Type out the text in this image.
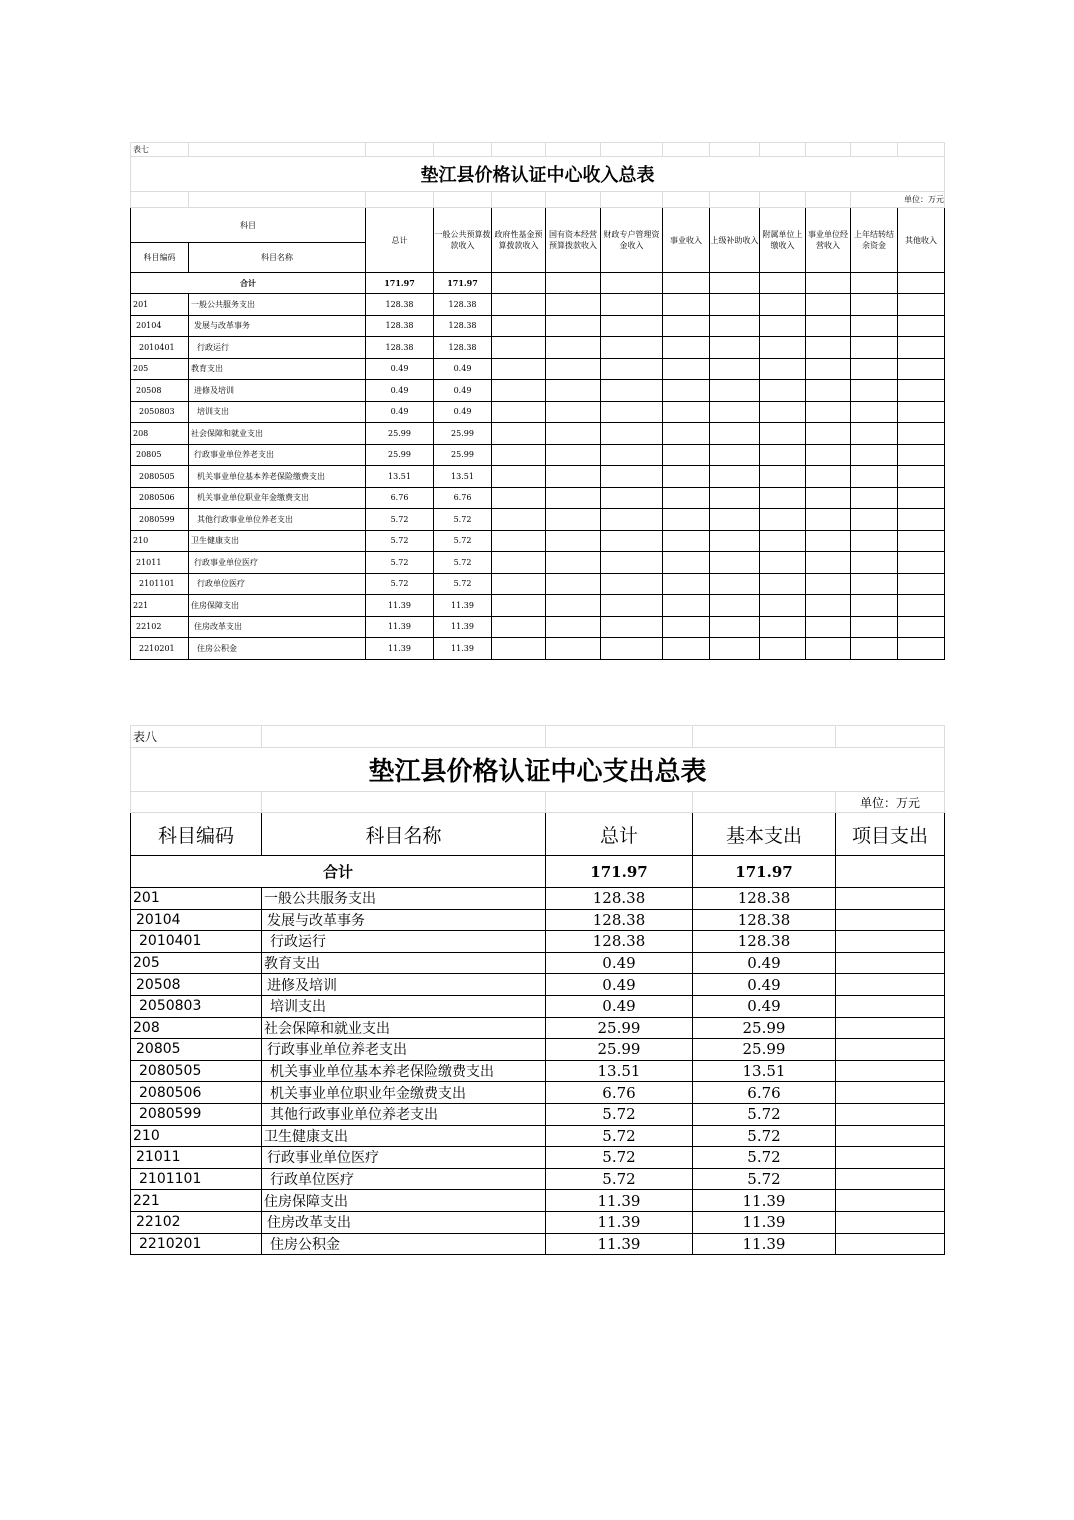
表七												
垫江县价格认证中心收入总表												
											单位：万元	
科目		总计	一般公共预算拨款收入	政府性基金预算拨款收入	国有资本经营预算拨款收入	财政专户管理资金收入	事业收入	上级补助收入	附属单位上缴收入	事业单位经营收入	上年结转结余资金	其他收入
科目编码	科目名称											
合计		171.97	171.97									
201	一般公共服务支出	128.38	128.38									
20104	发展与改革事务	128.38	128.38									
2010401	行政运行	128.38	128.38									
205	教育支出	0.49	0.49									
20508	进修及培训	0.49	0.49									
2050803	培训支出	0.49	0.49									
208	社会保障和就业支出	25.99	25.99									
20805	行政事业单位养老支出	25.99	25.99									
2080505	机关事业单位基本养老保险缴费支出	13.51	13.51									
2080506	机关事业单位职业年金缴费支出	6.76	6.76									
2080599	其他行政事业单位养老支出	5.72	5.72									
210	卫生健康支出	5.72	5.72									
21011	行政事业单位医疗	5.72	5.72									
2101101	行政单位医疗	5.72	5.72									
221	住房保障支出	11.39	11.39									
22102	住房改革支出	11.39	11.39									
2210201	住房公积金	11.39	11.39									
表八				
垫江县价格认证中心支出总表				
				单位：万元
科目编码	科目名称	总计	基本支出	项目支出
合计		171.97	171.97	
201	一般公共服务支出	128.38	128.38	
20104	发展与改革事务	128.38	128.38	
2010401	行政运行	128.38	128.38	
205	教育支出	0.49	0.49	
20508	进修及培训	0.49	0.49	
2050803	培训支出	0.49	0.49	
208	社会保障和就业支出	25.99	25.99	
20805	行政事业单位养老支出	25.99	25.99	
2080505	机关事业单位基本养老保险缴费支出	13.51	13.51	
2080506	机关事业单位职业年金缴费支出	6.76	6.76	
2080599	其他行政事业单位养老支出	5.72	5.72	
210	卫生健康支出	5.72	5.72	
21011	行政事业单位医疗	5.72	5.72	
2101101	行政单位医疗	5.72	5.72	
221	住房保障支出	11.39	11.39	
22102	住房改革支出	11.39	11.39	
2210201	住房公积金	11.39	11.39	
